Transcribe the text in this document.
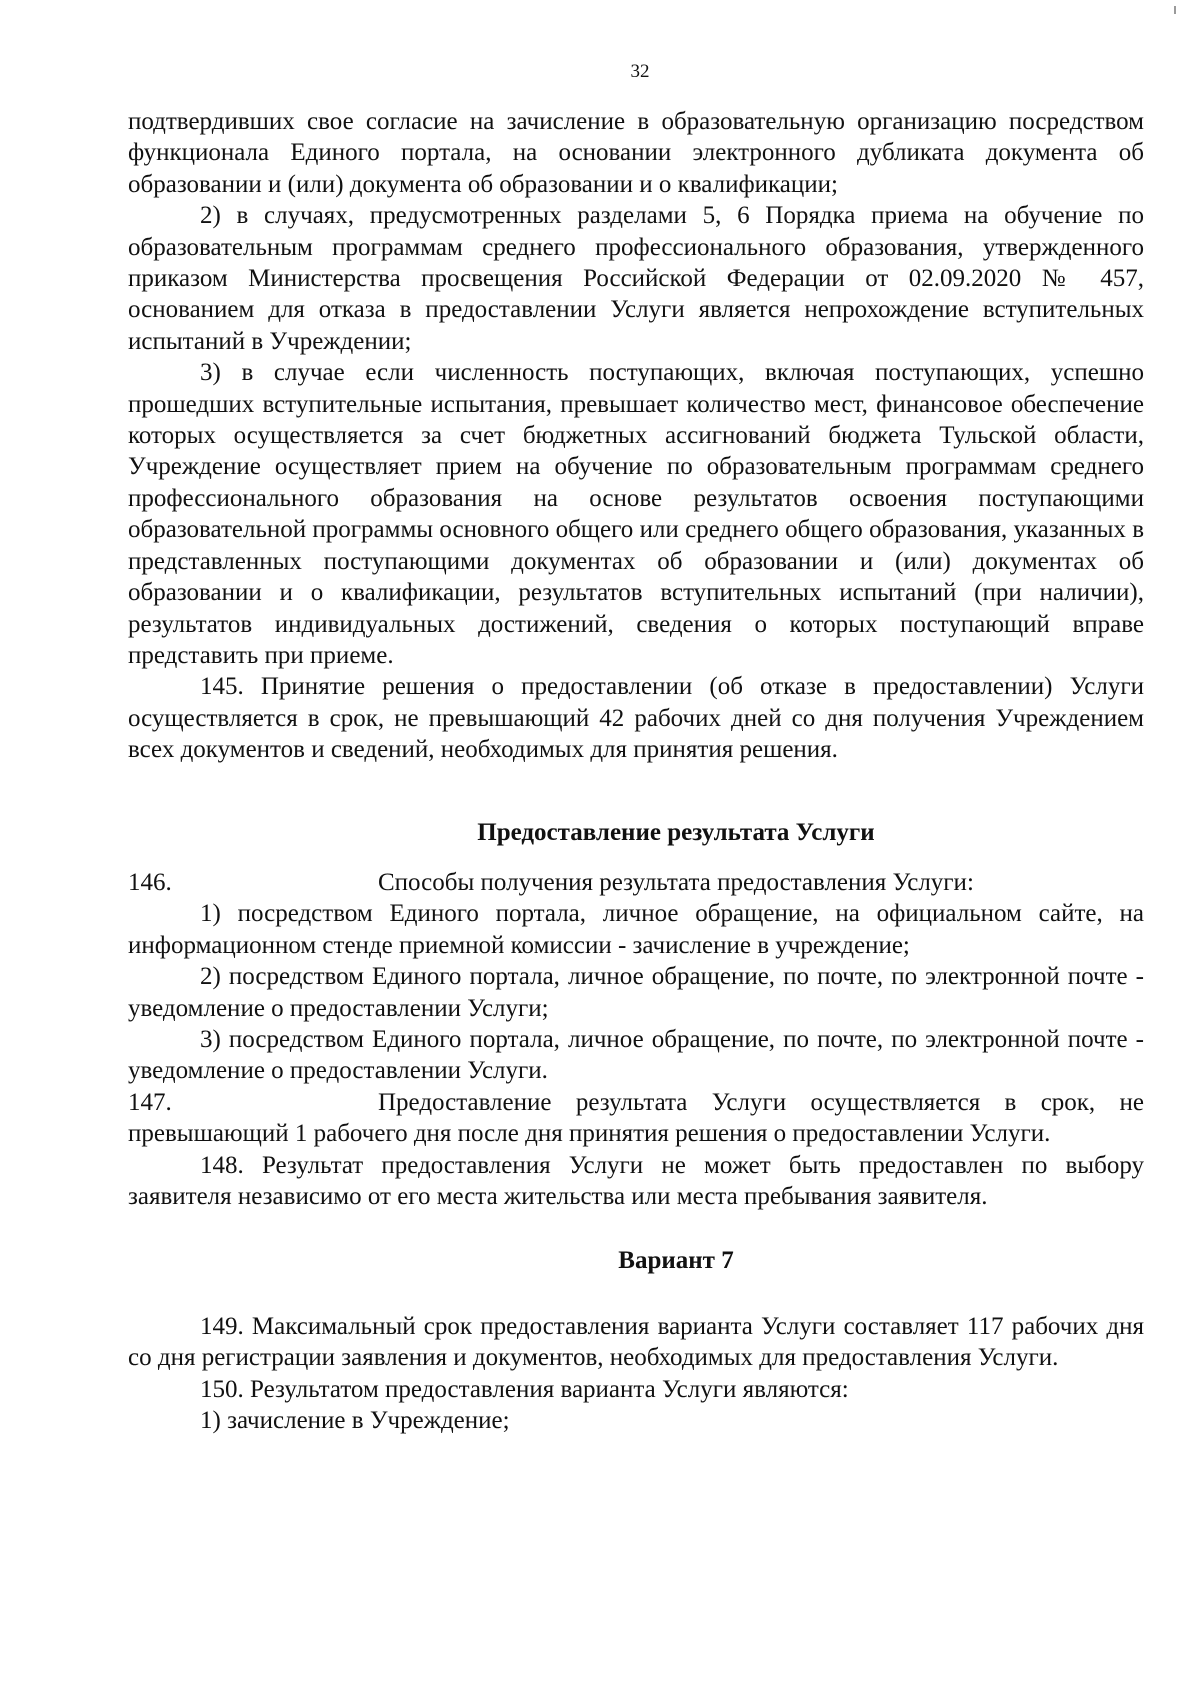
32

подтвердивших свое согласие на зачисление в образовательную организацию посредством функционала Единого портала, на основании электронного дубликата документа об образовании и (или) документа об образовании и о квалификации;

2) в случаях, предусмотренных разделами 5, 6 Порядка приема на обучение по образовательным программам среднего профессионального образования, утвержденного приказом Министерства просвещения Российской Федерации от 02.09.2020 № 457, основанием для отказа в предоставлении Услуги является непрохождение вступительных испытаний в Учреждении;

3) в случае если численность поступающих, включая поступающих, успешно прошедших вступительные испытания, превышает количество мест, финансовое обеспечение которых осуществляется за счет бюджетных ассигнований бюджета Тульской области, Учреждение осуществляет прием на обучение по образовательным программам среднего профессионального образования на основе результатов освоения поступающими образовательной программы основного общего или среднего общего образования, указанных в представленных поступающими документах об образовании и (или) документах об образовании и о квалификации, результатов вступительных испытаний (при наличии), результатов индивидуальных достижений, сведения о которых поступающий вправе представить при приеме.

145. Принятие решения о предоставлении (об отказе в предоставлении) Услуги осуществляется в срок, не превышающий 42 рабочих дней со дня получения Учреждением всех документов и сведений, необходимых для принятия решения.

Предоставление результата Услуги
146.	Способы получения результата предоставления Услуги:

1) посредством Единого портала, личное обращение, на официальном сайте, на информационном стенде приемной комиссии - зачисление в учреждение;

2) посредством Единого портала, личное обращение, по почте, по электронной почте - уведомление о предоставлении Услуги;

3) посредством Единого портала, личное обращение, по почте, по электронной почте - уведомление о предоставлении Услуги.

147.	Предоставление результата Услуги осуществляется в срок, не

превышающий 1 рабочего дня после дня принятия решения о предоставлении Услуги.

148. Результат предоставления Услуги не может быть предоставлен по выбору заявителя независимо от его места жительства или места пребывания заявителя.

Вариант 7

149. Максимальный срок предоставления варианта Услуги составляет 117 рабочих дня со дня регистрации заявления и документов, необходимых для предоставления Услуги.

150. Результатом предоставления варианта Услуги являются:

1) зачисление в Учреждение;
